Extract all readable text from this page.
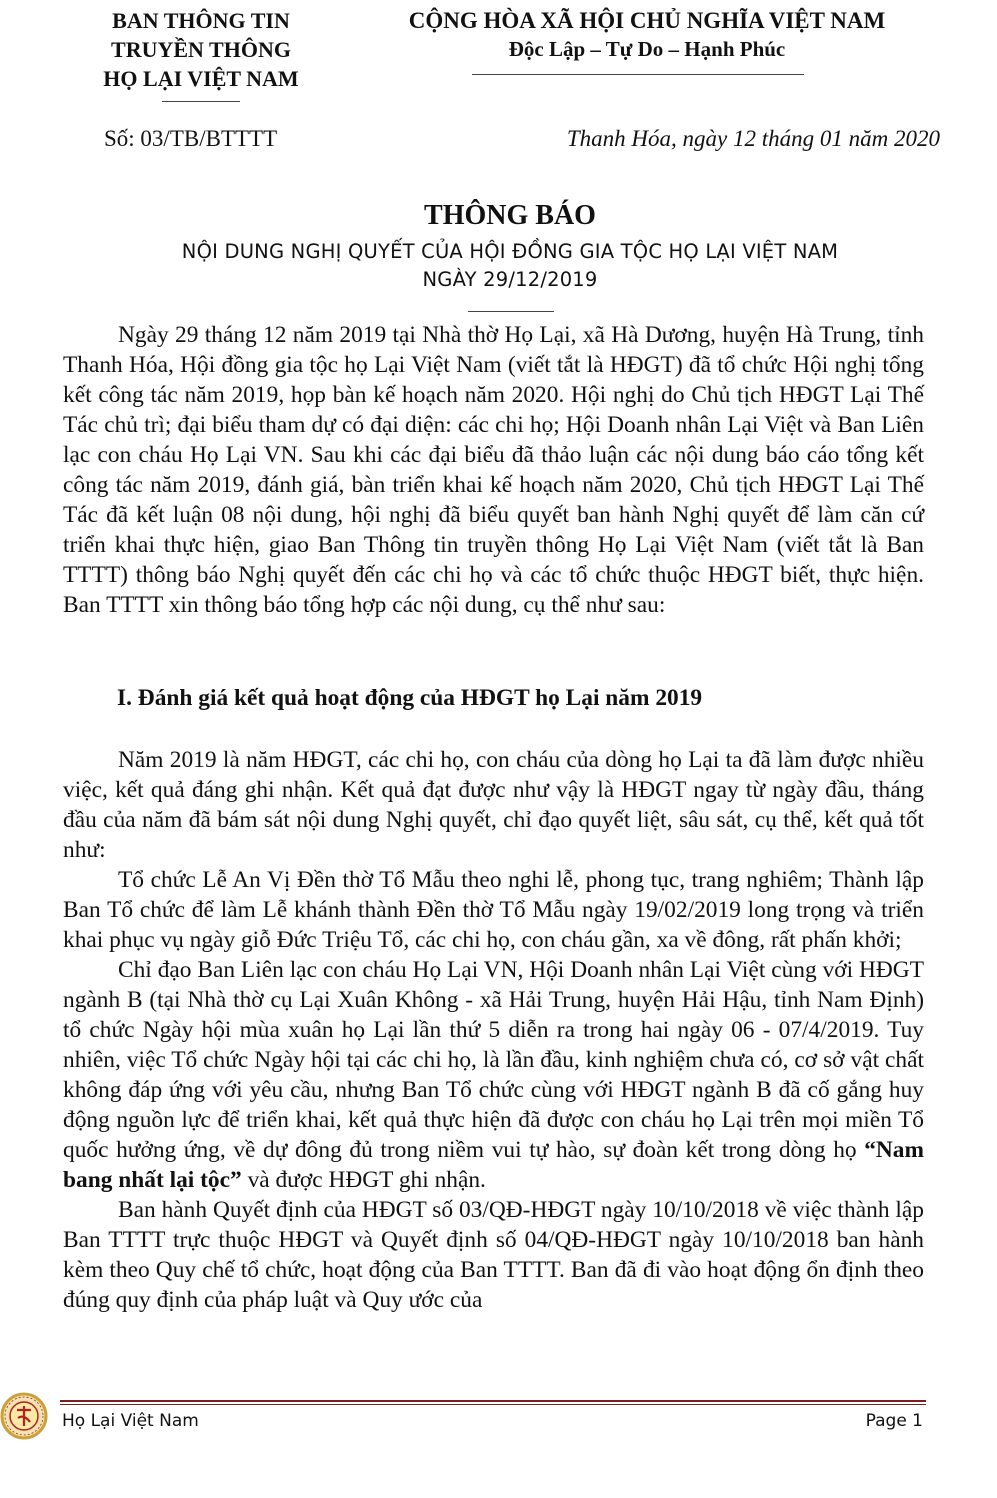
BAN THÔNG TIN
TRUYỀN THÔNG
HỌ LẠI VIỆT NAM
CỘNG HÒA XÃ HỘI CHỦ NGHĨA VIỆT NAM
Độc Lập – Tự Do – Hạnh Phúc
Số: 03/TB/BTTTT	Thanh Hóa, ngày 12 tháng 01 năm 2020
THÔNG BÁO
NỘI DUNG NGHỊ QUYẾT CỦA HỘI ĐỒNG GIA TỘC HỌ LẠI VIỆT NAM
NGÀY 29/12/2019

Ngày 29 tháng 12 năm 2019 tại Nhà thờ Họ Lại, xã Hà Dương, huyện Hà Trung, tỉnh Thanh Hóa, Hội đồng gia tộc họ Lại Việt Nam (viết tắt là HĐGT) đã tổ chức Hội nghị tổng kết công tác năm 2019, họp bàn kế hoạch năm 2020. Hội nghị do Chủ tịch HĐGT Lại Thế Tác chủ trì; đại biểu tham dự có đại diện: các chi họ; Hội Doanh nhân Lại Việt và Ban Liên lạc con cháu Họ Lại VN. Sau khi các đại biểu đã thảo luận các nội dung báo cáo tổng kết công tác năm 2019, đánh giá, bàn triển khai kế hoạch năm 2020, Chủ tịch HĐGT Lại Thế Tác đã kết luận 08 nội dung, hội nghị đã biểu quyết ban hành Nghị quyết để làm căn cứ triển khai thực hiện, giao Ban Thông tin truyền thông Họ Lại Việt Nam (viết tắt là Ban TTTT) thông báo Nghị quyết đến các chi họ và các tổ chức thuộc HĐGT biết, thực hiện. Ban TTTT xin thông báo tổng hợp các nội dung, cụ thể như sau:

I. Đánh giá kết quả hoạt động của HĐGT họ Lại năm 2019

Năm 2019 là năm HĐGT, các chi họ, con cháu của dòng họ Lại ta đã làm được nhiều việc, kết quả đáng ghi nhận. Kết quả đạt được như vậy là HĐGT ngay từ ngày đầu, tháng đầu của năm đã bám sát nội dung Nghị quyết, chỉ đạo quyết liệt, sâu sát, cụ thể, kết quả tốt như:

Tổ chức Lễ An Vị Đền thờ Tổ Mẫu theo nghi lễ, phong tục, trang nghiêm; Thành lập Ban Tổ chức để làm Lễ khánh thành Đền thờ Tổ Mẫu ngày 19/02/2019 long trọng và triển khai phục vụ ngày giỗ Đức Triệu Tổ, các chi họ, con cháu gần, xa về đông, rất phấn khởi;

Chỉ đạo Ban Liên lạc con cháu Họ Lại VN, Hội Doanh nhân Lại Việt cùng với HĐGT ngành B (tại Nhà thờ cụ Lại Xuân Không - xã Hải Trung, huyện Hải Hậu, tỉnh Nam Định) tổ chức Ngày hội mùa xuân họ Lại lần thứ 5 diễn ra trong hai ngày 06 - 07/4/2019. Tuy nhiên, việc Tổ chức Ngày hội tại các chi họ, là lần đầu, kinh nghiệm chưa có, cơ sở vật chất không đáp ứng với yêu cầu, nhưng Ban Tổ chức cùng với HĐGT ngành B đã cố gắng huy động nguồn lực để triển khai, kết quả thực hiện đã được con cháu họ Lại trên mọi miền Tổ quốc hưởng ứng, về dự đông đủ trong niềm vui tự hào, sự đoàn kết trong dòng họ “Nam bang nhất lại tộc” và được HĐGT ghi nhận.

Ban hành Quyết định của HĐGT số 03/QĐ-HĐGT ngày 10/10/2018 về việc thành lập Ban TTTT trực thuộc HĐGT và Quyết định số 04/QĐ-HĐGT ngày 10/10/2018 ban hành kèm theo Quy chế tổ chức, hoạt động của Ban TTTT. Ban đã đi vào hoạt động ổn định theo đúng quy định của pháp luật và Quy ước của

Họ Lại Việt Nam	Page 1
